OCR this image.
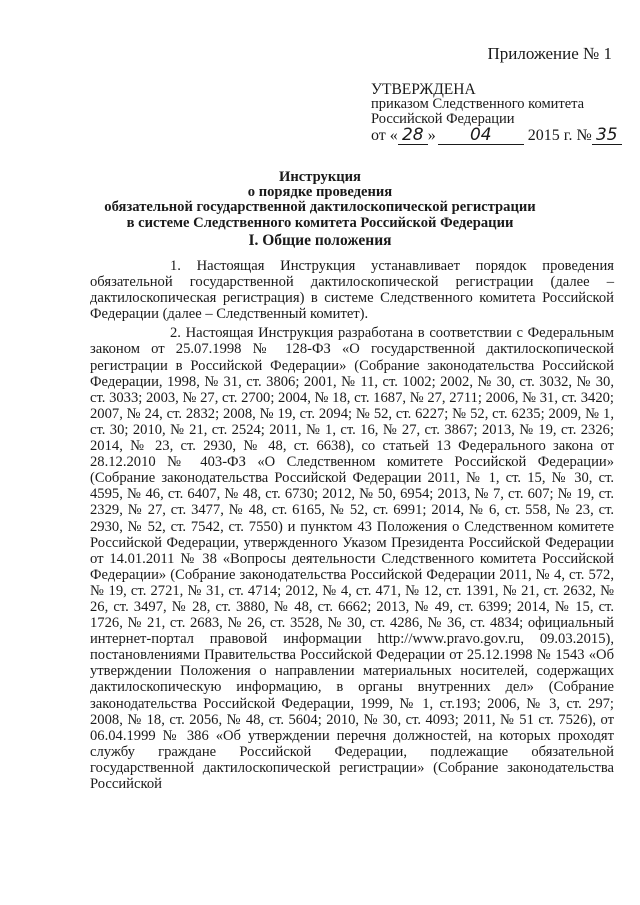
Приложение № 1
УТВЕРЖДЕНА
приказом Следственного комитета
Российской Федерации
от « 28 » 04 2015 г. № 35
Инструкция
о порядке проведения
обязательной государственной дактилоскопической регистрации
в системе Следственного комитета Российской Федерации
I. Общие положения

1. Настоящая Инструкция устанавливает порядок проведения обязательной государственной дактилоскопической регистрации (далее – дактилоскопическая регистрация) в системе Следственного комитета Российской Федерации (далее – Следственный комитет).

2. Настоящая Инструкция разработана в соответствии с Федеральным законом от 25.07.1998 № 128-ФЗ «О государственной дактилоскопической регистрации в Российской Федерации» (Собрание законодательства Российской Федерации, 1998, № 31, ст. 3806; 2001, № 11, ст. 1002; 2002, № 30, ст. 3032, № 30, ст. 3033; 2003, № 27, ст. 2700; 2004, № 18, ст. 1687, № 27, 2711; 2006, № 31, ст. 3420; 2007, № 24, ст. 2832; 2008, № 19, ст. 2094; № 52, ст. 6227; № 52, ст. 6235; 2009, № 1, ст. 30; 2010, № 21, ст. 2524; 2011, № 1, ст. 16, № 27, ст. 3867; 2013, № 19, ст. 2326; 2014, № 23, ст. 2930, № 48, ст. 6638), со статьей 13 Федерального закона от 28.12.2010 № 403-ФЗ «О Следственном комитете Российской Федерации» (Собрание законодательства Российской Федерации 2011, № 1, ст. 15, № 30, ст. 4595, № 46, ст. 6407, № 48, ст. 6730; 2012, № 50, 6954; 2013, № 7, ст. 607; № 19, ст. 2329, № 27, ст. 3477, № 48, ст. 6165, № 52, ст. 6991; 2014, № 6, ст. 558, № 23, ст. 2930, № 52, ст. 7542, ст. 7550) и пунктом 43 Положения о Следственном комитете Российской Федерации, утвержденного Указом Президента Российской Федерации от 14.01.2011 № 38 «Вопросы деятельности Следственного комитета Российской Федерации» (Собрание законодательства Российской Федерации 2011, № 4, ст. 572, № 19, ст. 2721, № 31, ст. 4714; 2012, № 4, ст. 471, № 12, ст. 1391, № 21, ст. 2632, № 26, ст. 3497, № 28, ст. 3880, № 48, ст. 6662; 2013, № 49, ст. 6399; 2014, № 15, ст. 1726, № 21, ст. 2683, № 26, ст. 3528, № 30, ст. 4286, № 36, ст. 4834; официальный интернет-портал правовой информации http://www.pravo.gov.ru, 09.03.2015), постановлениями Правительства Российской Федерации от 25.12.1998 № 1543 «Об утверждении Положения о направлении материальных носителей, содержащих дактилоскопическую информацию, в органы внутренних дел» (Собрание законодательства Российской Федерации, 1999, № 1, ст.193; 2006, № 3, ст. 297; 2008, № 18, ст. 2056, № 48, ст. 5604; 2010, № 30, ст. 4093; 2011, № 51 ст. 7526), от 06.04.1999 № 386 «Об утверждении перечня должностей, на которых проходят службу граждане Российской Федерации, подлежащие обязательной государственной дактилоскопической регистрации» (Собрание законодательства Российской
